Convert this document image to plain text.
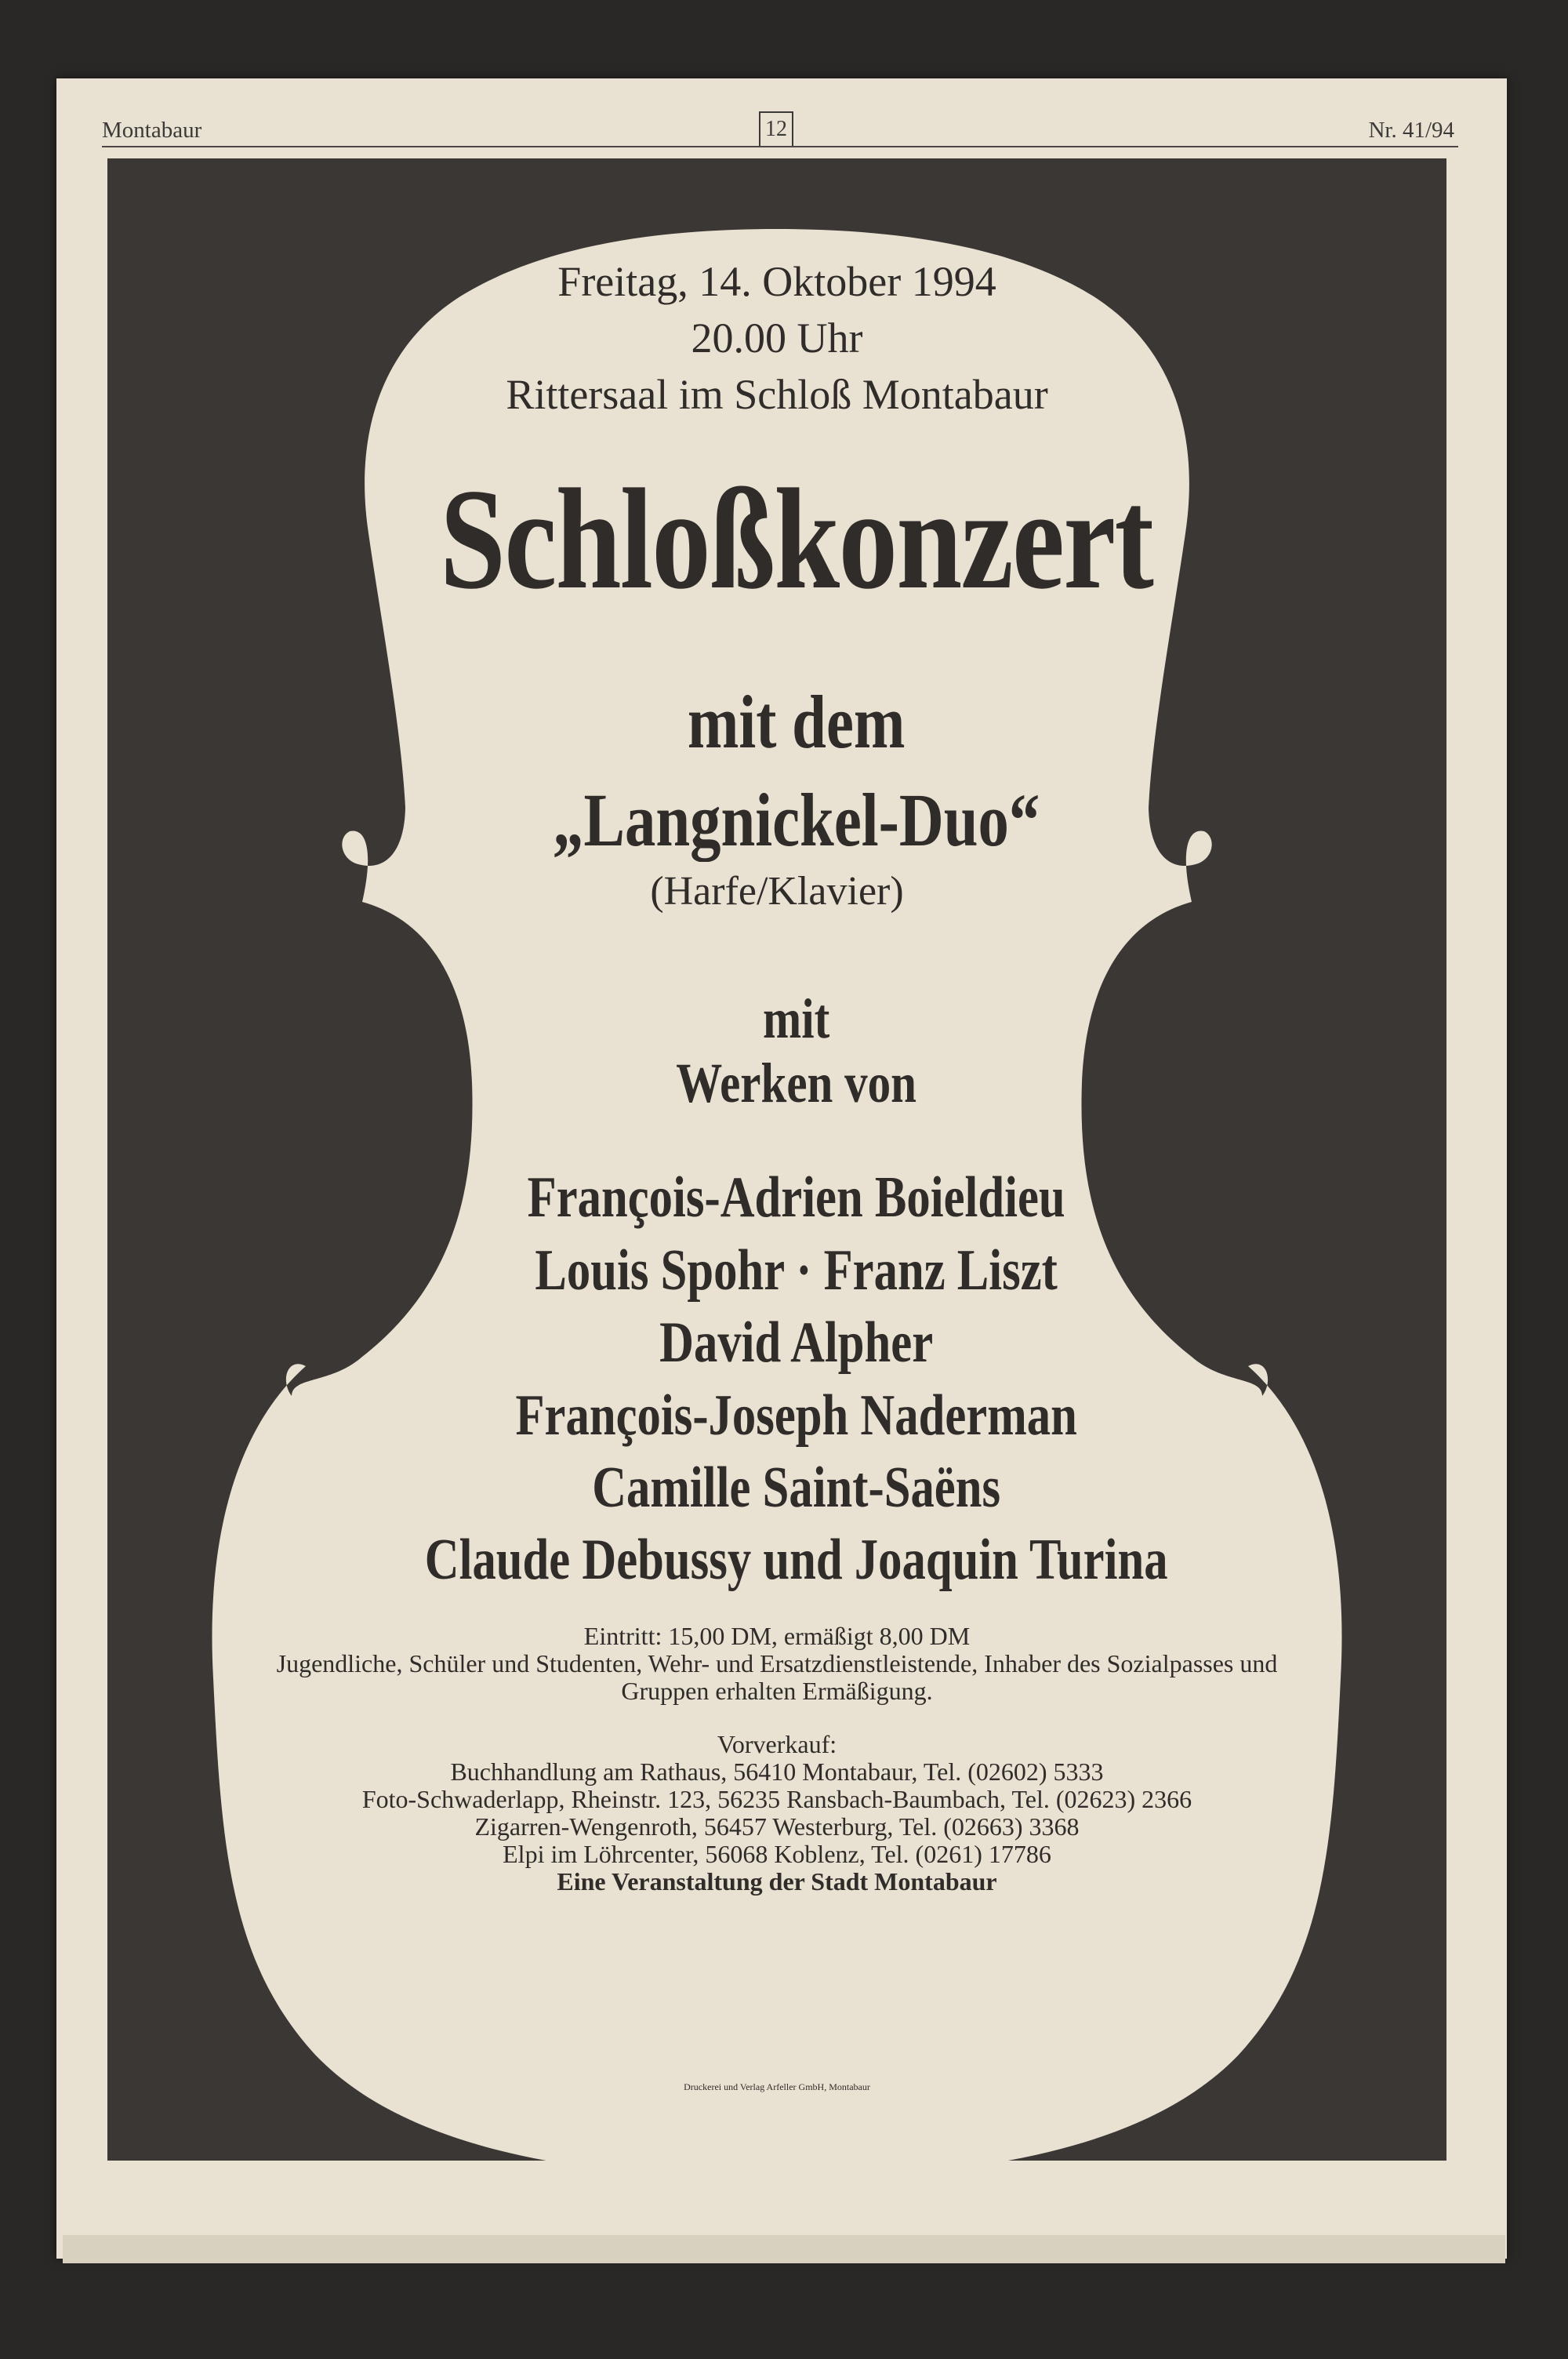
Montabaur	12	Nr. 41/94

Freitag, 14. Oktober 1994

20.00 Uhr

Rittersaal im Schloß Montabaur

Schloßkonzert

mit dem

„Langnickel-Duo“

(Harfe/Klavier)

mit

Werken von

François-Adrien Boieldieu

Louis Spohr · Franz Liszt

David Alpher

François-Joseph Naderman

Camille Saint-Saëns

Claude Debussy und Joaquin Turina

Eintritt: 15,00 DM, ermäßigt 8,00 DM

Jugendliche, Schüler und Studenten, Wehr- und Ersatzdienstleistende, Inhaber des Sozialpasses und

Gruppen erhalten Ermäßigung.

Vorverkauf:

Buchhandlung am Rathaus, 56410 Montabaur, Tel. (02602) 5333

Foto-Schwaderlapp, Rheinstr. 123, 56235 Ransbach-Baumbach, Tel. (02623) 2366

Zigarren-Wengenroth, 56457 Westerburg, Tel. (02663) 3368

Elpi im Löhrcenter, 56068 Koblenz, Tel. (0261) 17786

Eine Veranstaltung der Stadt Montabaur

Druckerei und Verlag Arfeller GmbH, Montabaur
